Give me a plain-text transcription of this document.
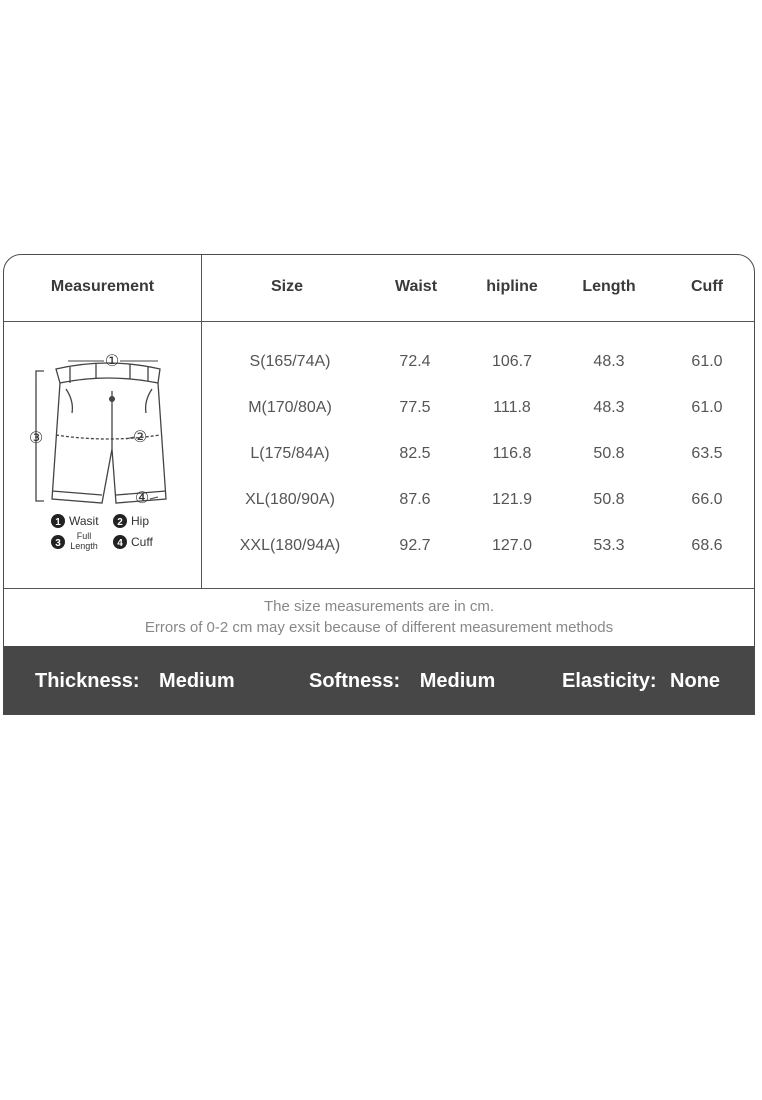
Measurement	Size	Waist	hipline	Length	Cuff
①
②
③
④
1 Wasit 2 Hip
3
Full Length	4 Cuff
S(165/74A)	72.4	106.7	48.3	61.0
M(170/80A)	77.5	111.8	48.3	61.0
L(175/84A)	82.5	116.8	50.8	63.5
XL(180/90A)	87.6	121.9	50.8	66.0
XXL(180/94A)	92.7	127.0	53.3	68.6
The size measurements are in cm.
Errors of 0-2 cm may exsit because of different measurement methods
Thickness: Medium	Softness: Medium	Elasticity: None
